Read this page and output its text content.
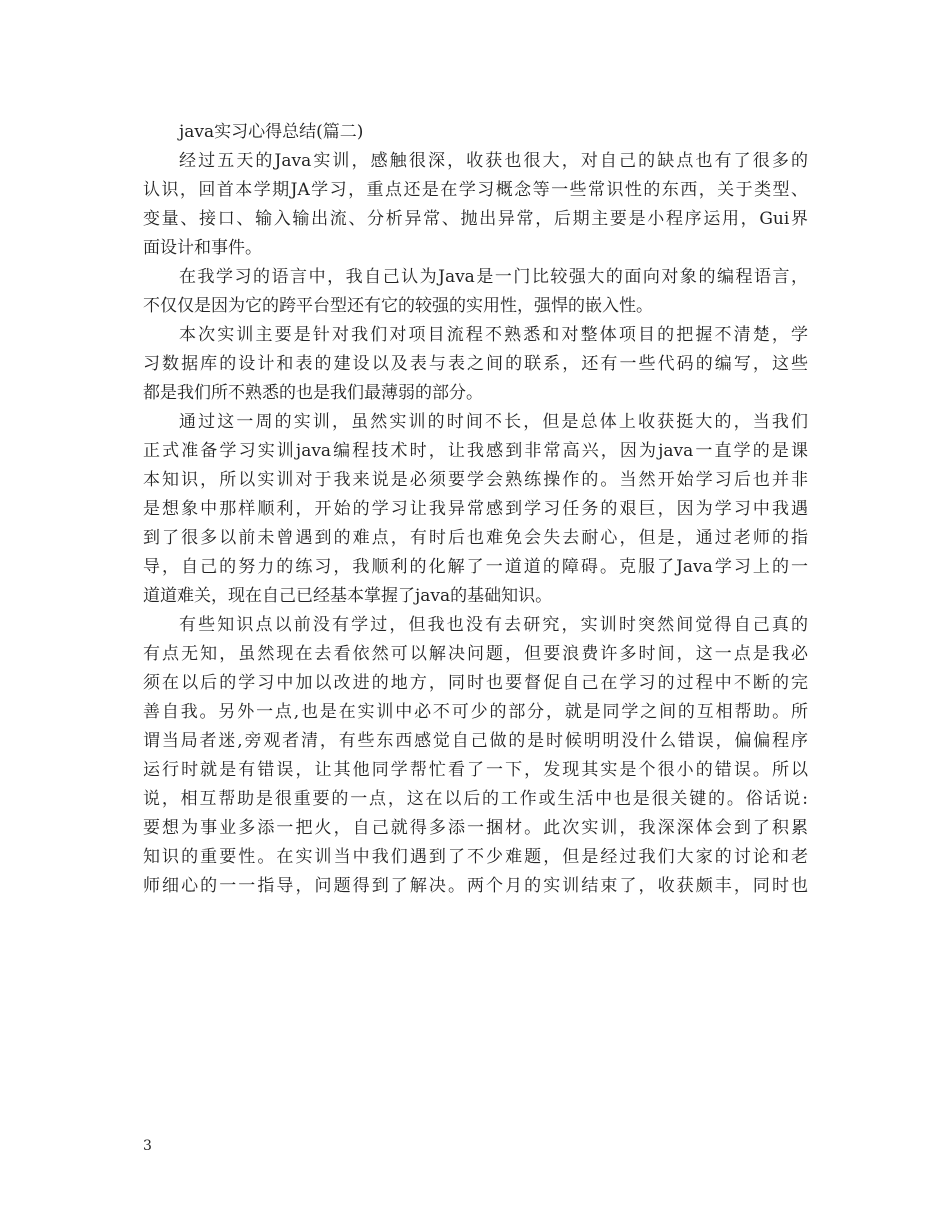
java实习心得总结(篇二)

经过五天的Java实训，感触很深，收获也很大，对自己的缺点也有了很多的

认识，回首本学期JA学习，重点还是在学习概念等一些常识性的东西，关于类型、

变量、接口、输入输出流、分析异常、抛出异常，后期主要是小程序运用，Gui界

面设计和事件。

在我学习的语言中，我自己认为Java是一门比较强大的面向对象的编程语言，

不仅仅是因为它的跨平台型还有它的较强的实用性，强悍的嵌入性。

本次实训主要是针对我们对项目流程不熟悉和对整体项目的把握不清楚，学

习数据库的设计和表的建设以及表与表之间的联系，还有一些代码的编写，这些

都是我们所不熟悉的也是我们最薄弱的部分。

通过这一周的实训，虽然实训的时间不长，但是总体上收获挺大的，当我们

正式准备学习实训java编程技术时，让我感到非常高兴，因为java一直学的是课

本知识，所以实训对于我来说是必须要学会熟练操作的。当然开始学习后也并非

是想象中那样顺利，开始的学习让我异常感到学习任务的艰巨，因为学习中我遇

到了很多以前未曾遇到的难点，有时后也难免会失去耐心，但是，通过老师的指

导，自己的努力的练习，我顺利的化解了一道道的障碍。克服了Java学习上的一

道道难关，现在自己已经基本掌握了java的基础知识。

有些知识点以前没有学过，但我也没有去研究，实训时突然间觉得自己真的

有点无知，虽然现在去看依然可以解决问题，但要浪费许多时间，这一点是我必

须在以后的学习中加以改进的地方，同时也要督促自己在学习的过程中不断的完

善自我。另外一点,也是在实训中必不可少的部分，就是同学之间的互相帮助。所

谓当局者迷,旁观者清，有些东西感觉自己做的是时候明明没什么错误，偏偏程序

运行时就是有错误，让其他同学帮忙看了一下，发现其实是个很小的错误。所以

说，相互帮助是很重要的一点，这在以后的工作或生活中也是很关键的。俗话说:

要想为事业多添一把火，自己就得多添一捆材。此次实训，我深深体会到了积累

知识的重要性。在实训当中我们遇到了不少难题，但是经过我们大家的讨论和老

师细心的一一指导，问题得到了解决。两个月的实训结束了，收获颇丰，同时也

3
